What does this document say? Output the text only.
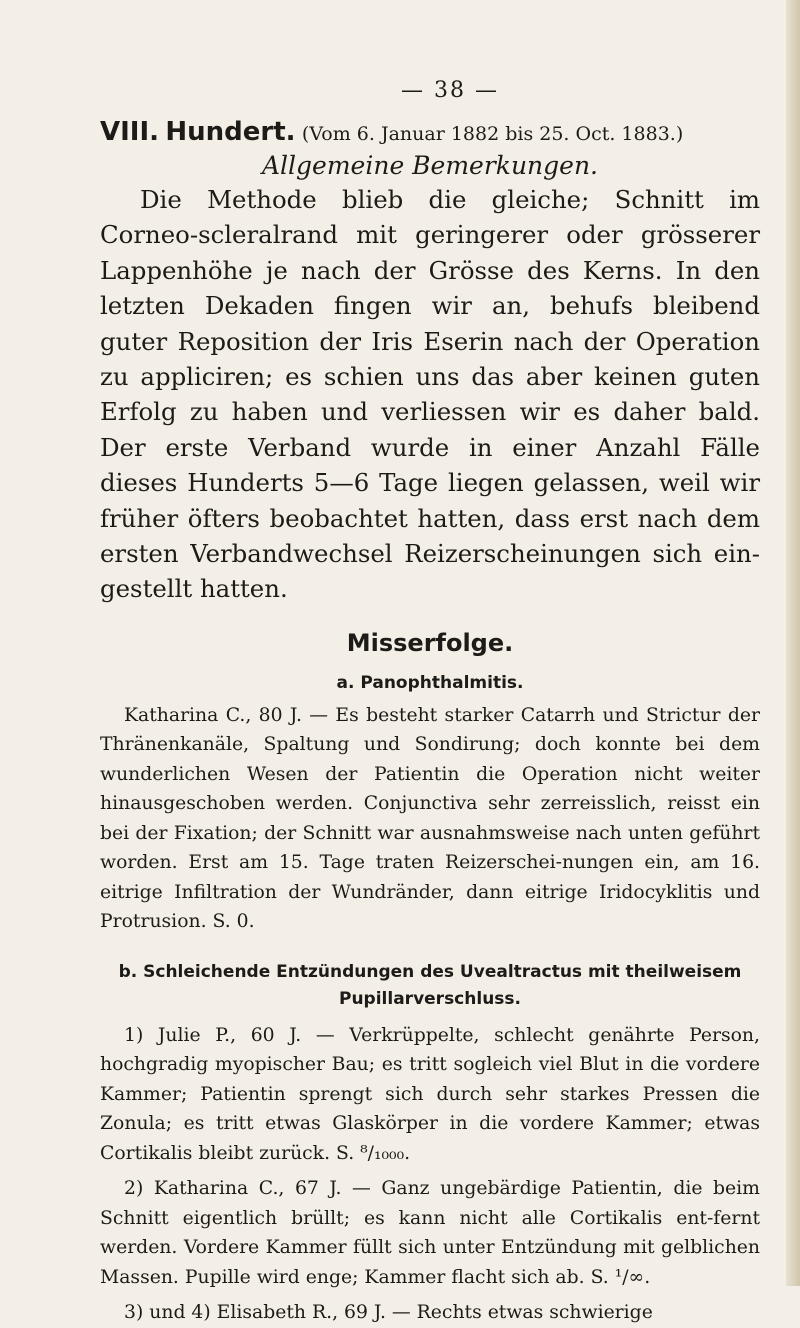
— 38 —
VIII. Hundert. (Vom 6. Januar 1882 bis 25. Oct. 1883.)
Allgemeine Bemerkungen.

Die Methode blieb die gleiche; Schnitt im Corneo-scleralrand mit geringerer oder grösserer Lappenhöhe je nach der Grösse des Kerns. In den letzten Dekaden fingen wir an, behufs bleibend guter Reposition der Iris Eserin nach der Operation zu appliciren; es schien uns das aber keinen guten Erfolg zu haben und verliessen wir es daher bald. Der erste Verband wurde in einer Anzahl Fälle dieses Hunderts 5—6 Tage liegen gelassen, weil wir früher öfters beobachtet hatten, dass erst nach dem ersten Verbandwechsel Reizerscheinungen sich ein-gestellt hatten.

Misserfolge.
a. Panophthalmitis.

Katharina C., 80 J. — Es besteht starker Catarrh und Strictur der Thränenkanäle, Spaltung und Sondirung; doch konnte bei dem wunderlichen Wesen der Patientin die Operation nicht weiter hinausgeschoben werden. Conjunctiva sehr zerreisslich, reisst ein bei der Fixation; der Schnitt war ausnahmsweise nach unten geführt worden. Erst am 15. Tage traten Reizerschei-nungen ein, am 16. eitrige Infiltration der Wundränder, dann eitrige Iridocyklitis und Protrusion. S. 0.

b. Schleichende Entzündungen des Uvealtractus mit theilweisem
Pupillarverschluss.

1) Julie P., 60 J. — Verkrüppelte, schlecht genährte Person, hochgradig myopischer Bau; es tritt sogleich viel Blut in die vordere Kammer; Patientin sprengt sich durch sehr starkes Pressen die Zonula; es tritt etwas Glaskörper in die vordere Kammer; etwas Cortikalis bleibt zurück. S. ⁸/₁₀₀₀.

2) Katharina C., 67 J. — Ganz ungebärdige Patientin, die beim Schnitt eigentlich brüllt; es kann nicht alle Cortikalis ent-fernt werden. Vordere Kammer füllt sich unter Entzündung mit gelblichen Massen. Pupille wird enge; Kammer flacht sich ab. S. ¹/∞.

3) und 4) Elisabeth R., 69 J. — Rechts etwas schwierige
